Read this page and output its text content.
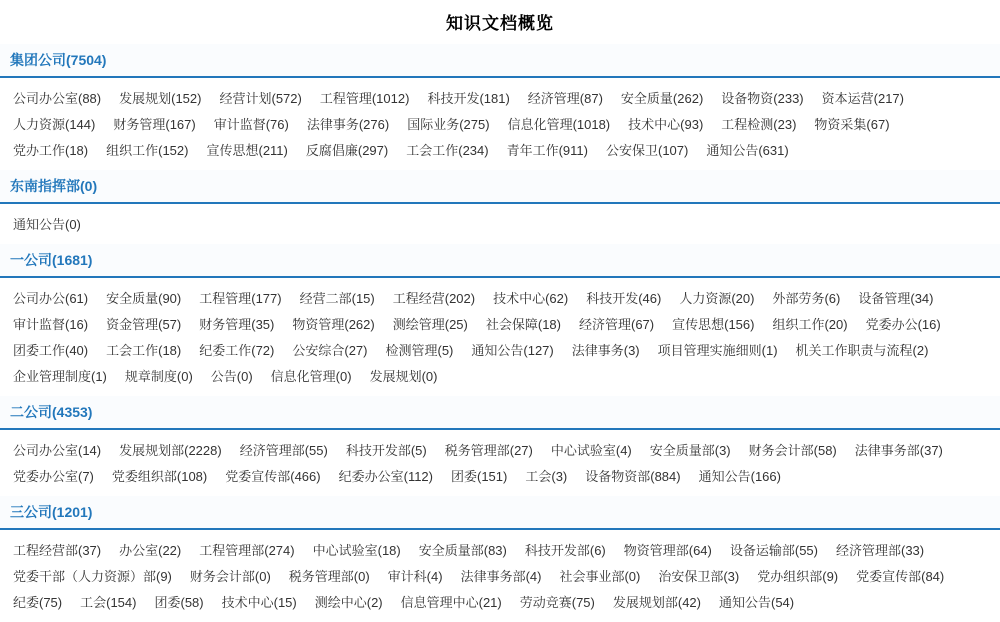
知识文档概览
集团公司(7504)
公司办公室(88)	发展规划(152)	经营计划(572)	工程管理(1012)	科技开发(181)	经济管理(87)	安全质量(262)	设备物资(233)	资本运营(217)
人力资源(144)	财务管理(167)	审计监督(76)	法律事务(276)	国际业务(275)	信息化管理(1018)	技术中心(93)	工程检测(23)	物资采集(67)
党办工作(18)	组织工作(152)	宣传思想(211)	反腐倡廉(297)	工会工作(234)	青年工作(911)	公安保卫(107)	通知公告(631)
东南指挥部(0)
通知公告(0)
一公司(1681)
公司办公(61)	安全质量(90)	工程管理(177)	经营二部(15)	工程经营(202)	技术中心(62)	科技开发(46)	人力资源(20)	外部劳务(6)	设备管理(34)
审计监督(16)	资金管理(57)	财务管理(35)	物资管理(262)	测绘管理(25)	社会保障(18)	经济管理(67)	宣传思想(156)	组织工作(20)	党委办公(16)
团委工作(40)	工会工作(18)	纪委工作(72)	公安综合(27)	检测管理(5)	通知公告(127)	法律事务(3)	项目管理实施细则(1)	机关工作职责与流程(2)
企业管理制度(1)	规章制度(0)	公告(0)	信息化管理(0)	发展规划(0)
二公司(4353)
公司办公室(14)	发展规划部(2228)	经济管理部(55)	科技开发部(5)	税务管理部(27)	中心试验室(4)	安全质量部(3)	财务会计部(58)	法律事务部(37)
党委办公室(7)	党委组织部(108)	党委宣传部(466)	纪委办公室(112)	团委(151)	工会(3)	设备物资部(884)	通知公告(166)
三公司(1201)
工程经营部(37)	办公室(22)	工程管理部(274)	中心试验室(18)	安全质量部(83)	科技开发部(6)	物资管理部(64)	设备运输部(55)	经济管理部(33)
党委干部（人力资源）部(9)	财务会计部(0)	税务管理部(0)	审计科(4)	法律事务部(4)	社会事业部(0)	治安保卫部(3)	党办组织部(9)	党委宣传部(84)
纪委(75)	工会(154)	团委(58)	技术中心(15)	测绘中心(2)	信息管理中心(21)	劳动竞赛(75)	发展规划部(42)	通知公告(54)
